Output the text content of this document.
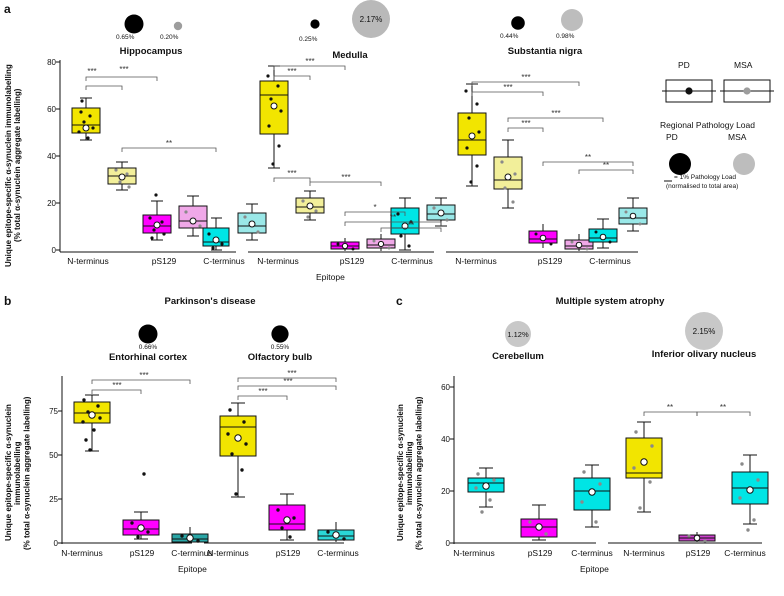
a
0.65%	0.20%
Hippocampus
2.17%
0.25%
Medulla
0.44%	0.98%
Substantia nigra
Unique epitope-specific α-synuclein immunolabelling
(% total α-synuclein aggregate labelling)
0
20
40
60
80
***	***
**
***
***
***	***
*
**
**
***
***
***
***
**
**
N-terminus	pS129	C-terminus	N-terminus	pS129	C-terminus	N-terminus	pS129	C-terminus
Epitope
PD	MSA
Regional Pathology Load
PD	MSA
= 1% Pathology Load
(normalised to total area)
b	Parkinson's disease
0.66%
Entorhinal cortex
0.55%
Olfactory bulb
Unique epitope-specific α-synuclein immunolabelling
(% total α-synuclein aggregate labelling)	0
25
50
75
***
***
***
***
***
N-terminus	pS129	C-terminus
N-terminus	pS129	C-terminus
Epitope
c	Multiple system atrophy
1.12%
Cerebellum
2.15%
Inferior olivary nucleus
Unique epitope-specific α-synuclein immunolabelling
(% total α-synuclein aggregate labelling)	0
20
40
60
**	**
N-terminus	pS129	C-terminus	N-terminus	pS129	C-terminus
Epitope
